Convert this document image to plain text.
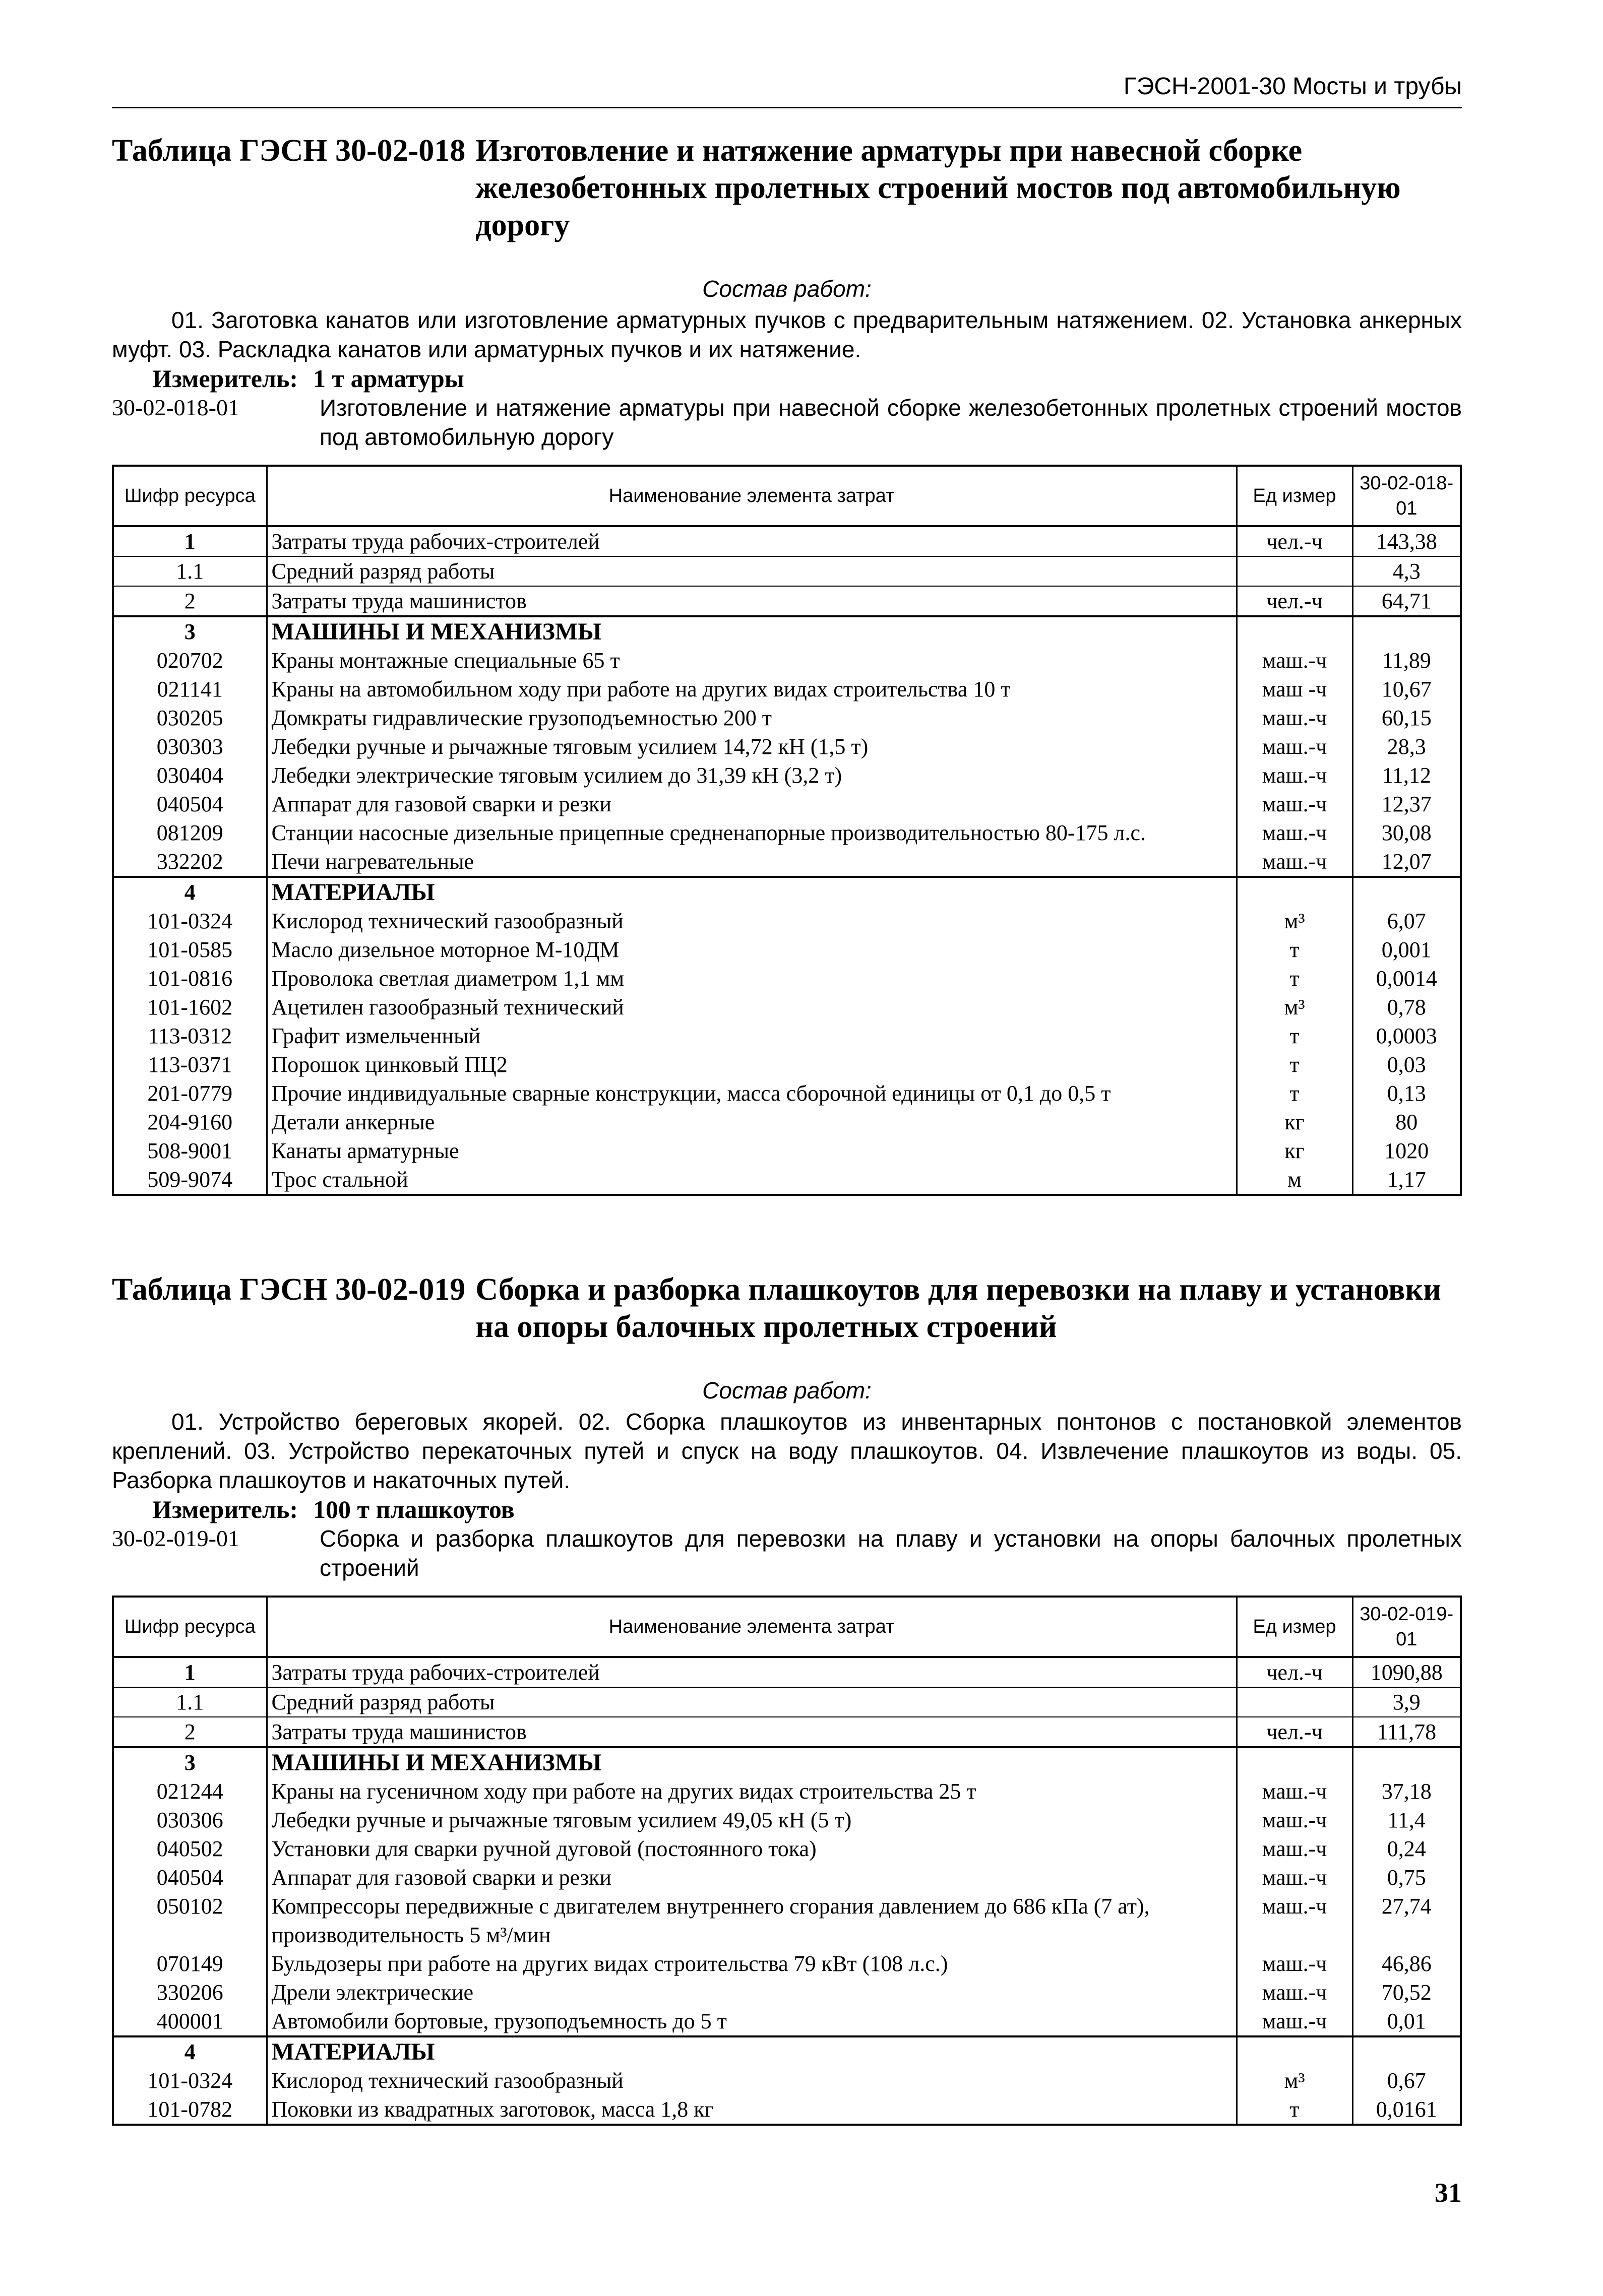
ГЭСН-2001-30 Мосты и трубы
Таблица ГЭСН 30-02-018 Изготовление и натяжение арматуры при навесной сборке железобетонных пролетных строений мостов под автомобильную дорогу
Состав работ:
01. Заготовка канатов или изготовление арматурных пучков с предварительным натяжением. 02. Установка анкерных муфт. 03. Раскладка канатов или арматурных пучков и их натяжение.
Измеритель: 1 т арматуры
30-02-018-01	Изготовление и натяжение арматуры при навесной сборке железобетонных пролетных строений мостов под автомобильную дорогу
Шифр ресурса	Наименование элемента затрат	Ед измер	30-02-018-01
1	Затраты труда рабочих-строителей	чел.-ч	143,38
1.1	Средний разряд работы		4,3
2	Затраты труда машинистов	чел.-ч	64,71
3	МАШИНЫ И МЕХАНИЗМЫ		
020702	Краны монтажные специальные 65 т	маш.-ч	11,89
021141	Краны на автомобильном ходу при работе на других видах строительства 10 т	маш -ч	10,67
030205	Домкраты гидравлические грузоподъемностью 200 т	маш.-ч	60,15
030303	Лебедки ручные и рычажные тяговым усилием 14,72 кН (1,5 т)	маш.-ч	28,3
030404	Лебедки электрические тяговым усилием до 31,39 кН (3,2 т)	маш.-ч	11,12
040504	Аппарат для газовой сварки и резки	маш.-ч	12,37
081209	Станции насосные дизельные прицепные средненапорные производительностью 80-175 л.с.	маш.-ч	30,08
332202	Печи нагревательные	маш.-ч	12,07
4	МАТЕРИАЛЫ		
101-0324	Кислород технический газообразный	м³	6,07
101-0585	Масло дизельное моторное М-10ДМ	т	0,001
101-0816	Проволока светлая диаметром 1,1 мм	т	0,0014
101-1602	Ацетилен газообразный технический	м³	0,78
113-0312	Графит измельченный	т	0,0003
113-0371	Порошок цинковый ПЦ2	т	0,03
201-0779	Прочие индивидуальные сварные конструкции, масса сборочной единицы от 0,1 до 0,5 т	т	0,13
204-9160	Детали анкерные	кг	80
508-9001	Канаты арматурные	кг	1020
509-9074	Трос стальной	м	1,17
Таблица ГЭСН 30-02-019 Сборка и разборка плашкоутов для перевозки на плаву и установки на опоры балочных пролетных строений
Состав работ:
01. Устройство береговых якорей. 02. Сборка плашкоутов из инвентарных понтонов с постановкой элементов креплений. 03. Устройство перекаточных путей и спуск на воду плашкоутов. 04. Извлечение плашкоутов из воды. 05. Разборка плашкоутов и накаточных путей.
Измеритель: 100 т плашкоутов
30-02-019-01	Сборка и разборка плашкоутов для перевозки на плаву и установки на опоры балочных пролетных строений
Шифр ресурса	Наименование элемента затрат	Ед измер	30-02-019-01
1	Затраты труда рабочих-строителей	чел.-ч	1090,88
1.1	Средний разряд работы		3,9
2	Затраты труда машинистов	чел.-ч	111,78
3	МАШИНЫ И МЕХАНИЗМЫ		
021244	Краны на гусеничном ходу при работе на других видах строительства 25 т	маш.-ч	37,18
030306	Лебедки ручные и рычажные тяговым усилием 49,05 кН (5 т)	маш.-ч	11,4
040502	Установки для сварки ручной дуговой (постоянного тока)	маш.-ч	0,24
040504	Аппарат для газовой сварки и резки	маш.-ч	0,75
050102	Компрессоры передвижные с двигателем внутреннего сгорания давлением до 686 кПа (7 ат), производительность 5 м³/мин	маш.-ч	27,74
070149	Бульдозеры при работе на других видах строительства 79 кВт (108 л.с.)	маш.-ч	46,86
330206	Дрели электрические	маш.-ч	70,52
400001	Автомобили бортовые, грузоподъемность до 5 т	маш.-ч	0,01
4	МАТЕРИАЛЫ		
101-0324	Кислород технический газообразный	м³	0,67
101-0782	Поковки из квадратных заготовок, масса 1,8 кг	т	0,0161
31
